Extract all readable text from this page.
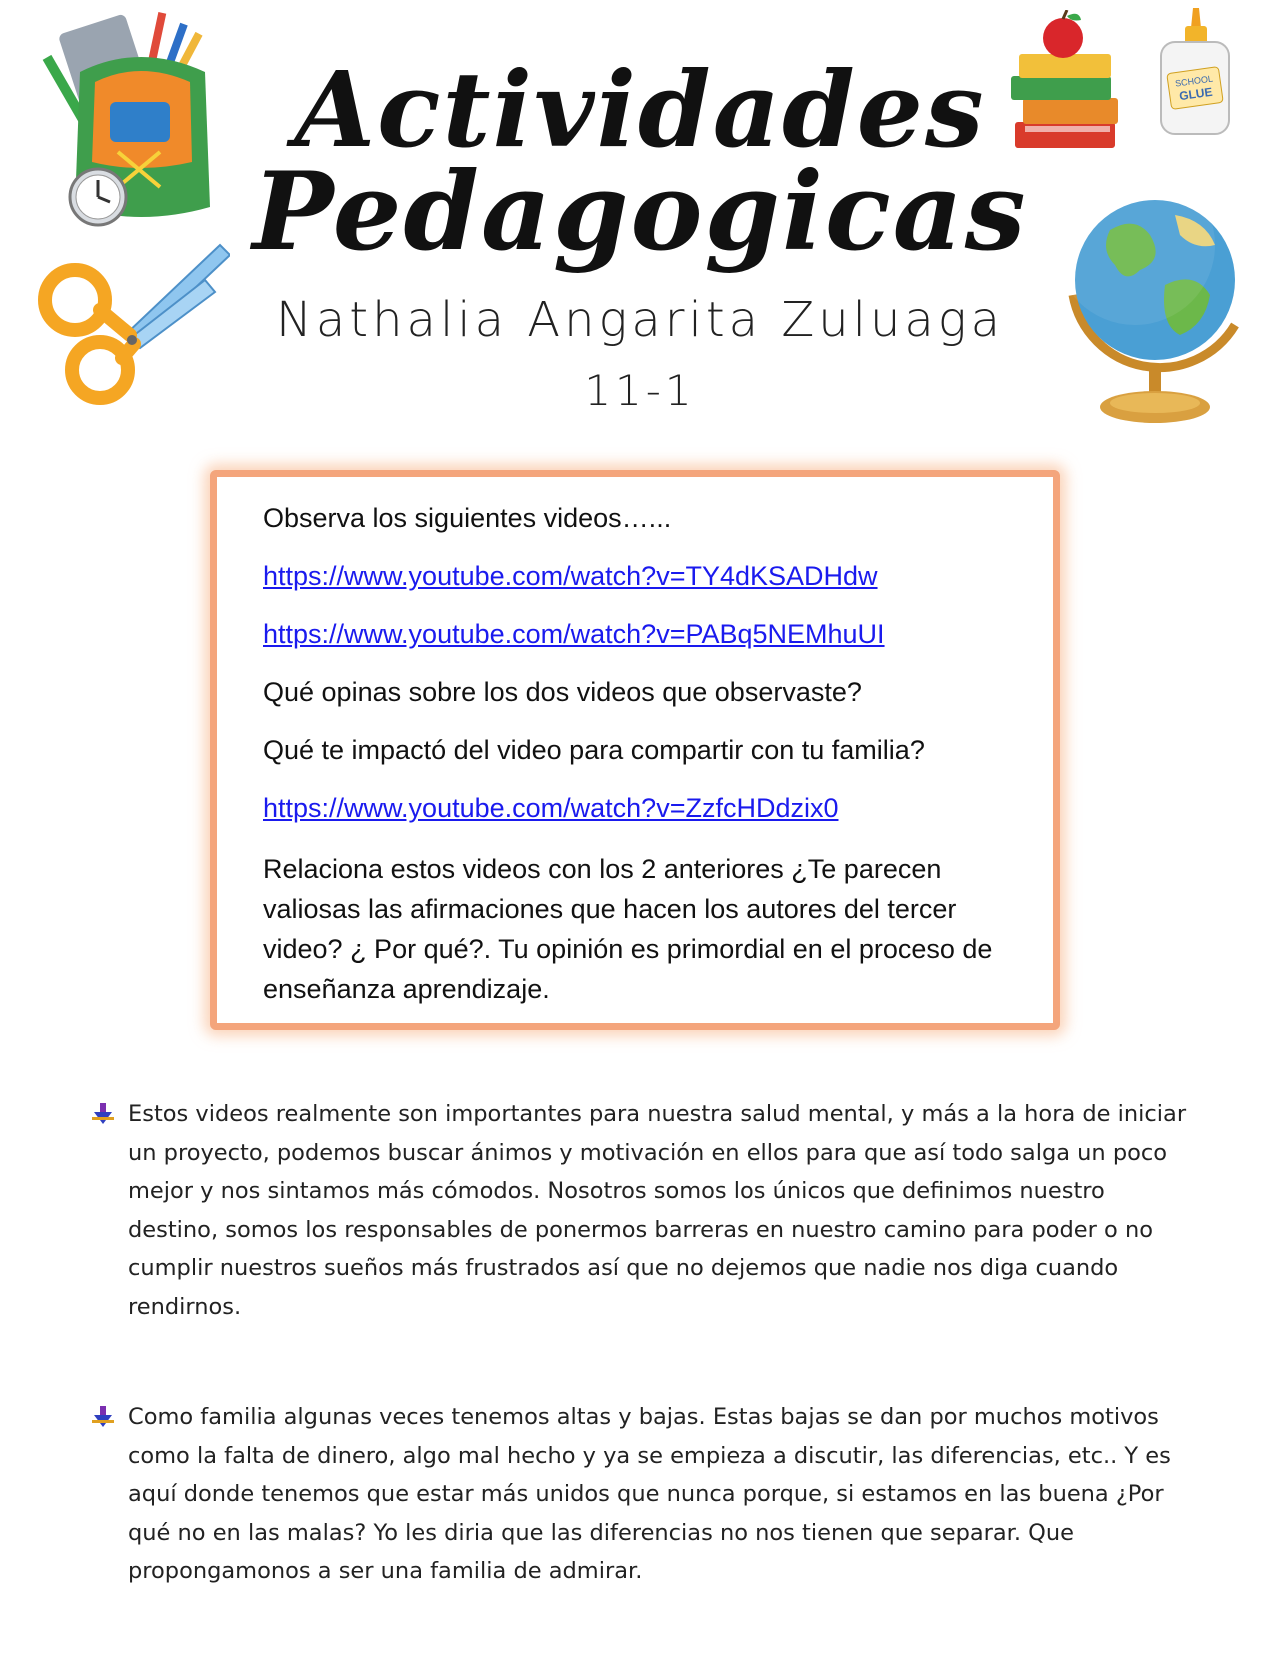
SCHOOL
GLUE
Actividades
Pedagogicas
Nathalia Angarita Zuluaga
11-1

Observa los siguientes videos…...

https://www.youtube.com/watch?v=TY4dKSADHdw

https://www.youtube.com/watch?v=PABq5NEMhuUI

Qué opinas sobre los dos videos que observaste?

Qué te impactó del video para compartir con tu familia?

https://www.youtube.com/watch?v=ZzfcHDdzix0

Relaciona estos videos con los 2 anteriores ¿Te parecen valiosas las afirmaciones que hacen los autores del tercer video? ¿ Por qué?. Tu opinión es primordial en el proceso de enseñanza aprendizaje.

Estos videos realmente son importantes para nuestra salud mental, y más a la hora de iniciar un proyecto, podemos buscar ánimos y motivación en ellos para que así todo salga un poco mejor y nos sintamos más cómodos. Nosotros somos los únicos que definimos nuestro destino, somos los responsables de ponermos barreras en nuestro camino para poder o no cumplir nuestros sueños más frustrados así que no dejemos que nadie nos diga cuando rendirnos.
Como familia algunas veces tenemos altas y bajas. Estas bajas se dan por muchos motivos como la falta de dinero, algo mal hecho y ya se empieza a discutir, las diferencias, etc.. Y es aquí donde tenemos que estar más unidos que nunca porque, si estamos en las buena ¿Por qué no en las malas? Yo les diria que las diferencias no nos tienen que separar. Que propongamonos a ser una familia de admirar.
